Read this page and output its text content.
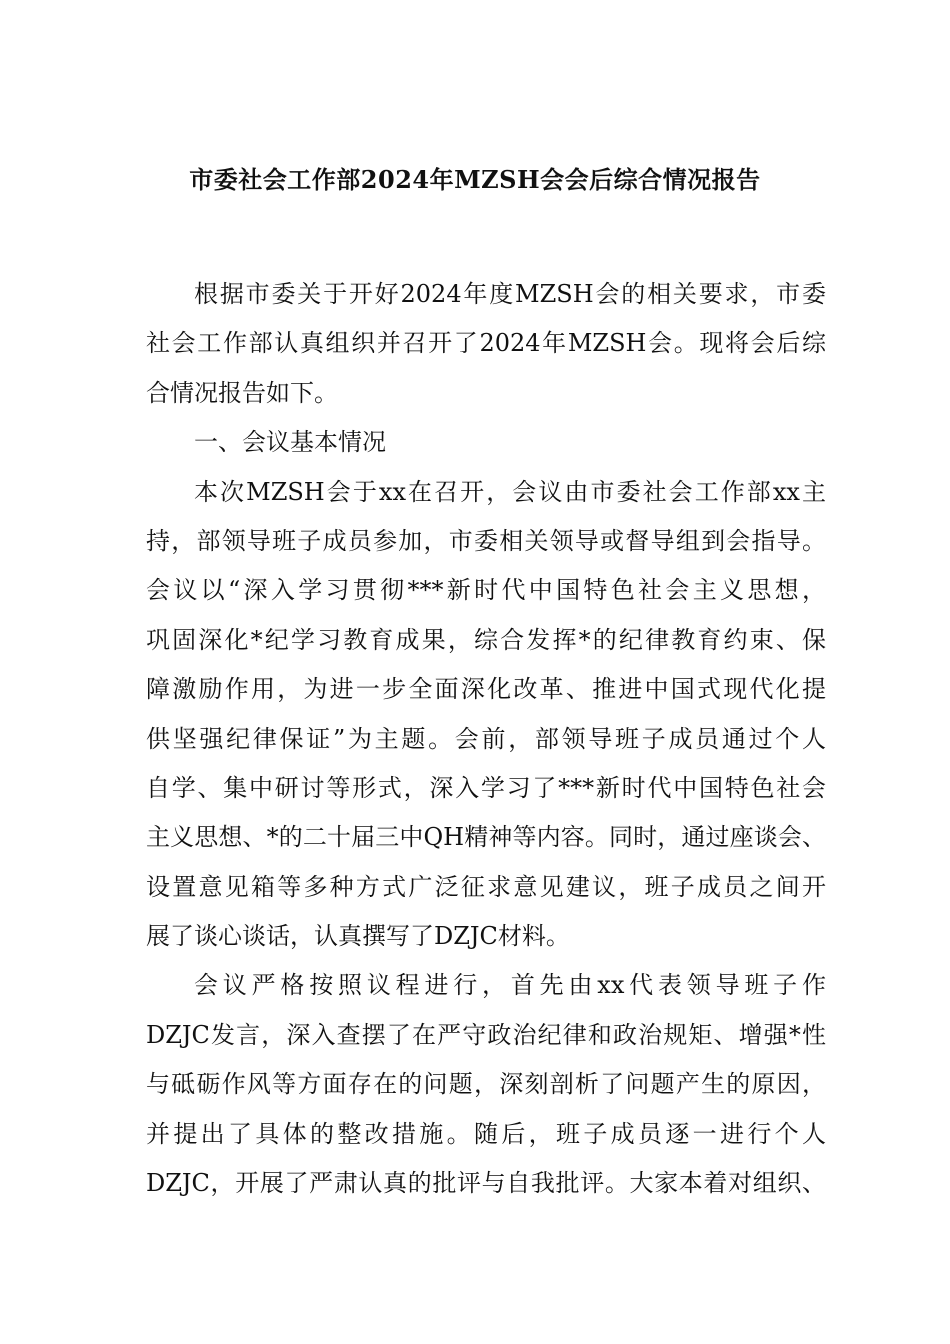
市委社会工作部2024年MZSH会会后综合情况报告
根据市委关于开好2024年度MZSH会的相关要求，市委
社会工作部认真组织并召开了2024年MZSH会。现将会后综
合情况报告如下。
一、会议基本情况
本次MZSH会于xx在召开，会议由市委社会工作部xx主
持，部领导班子成员参加，市委相关领导或督导组到会指导。
会议以“深入学习贯彻***新时代中国特色社会主义思想，
巩固深化*纪学习教育成果，综合发挥*的纪律教育约束、保
障激励作用，为进一步全面深化改革、推进中国式现代化提
供坚强纪律保证”为主题。会前，部领导班子成员通过个人
自学、集中研讨等形式，深入学习了***新时代中国特色社会
主义思想、*的二十届三中QH精神等内容。同时，通过座谈会、
设置意见箱等多种方式广泛征求意见建议，班子成员之间开
展了谈心谈话，认真撰写了DZJC材料。
会议严格按照议程进行，首先由xx代表领导班子作
DZJC发言，深入查摆了在严守政治纪律和政治规矩、增强*性
与砥砺作风等方面存在的问题，深刻剖析了问题产生的原因，
并提出了具体的整改措施。随后，班子成员逐一进行个人
DZJC，开展了严肃认真的批评与自我批评。大家本着对组织、
